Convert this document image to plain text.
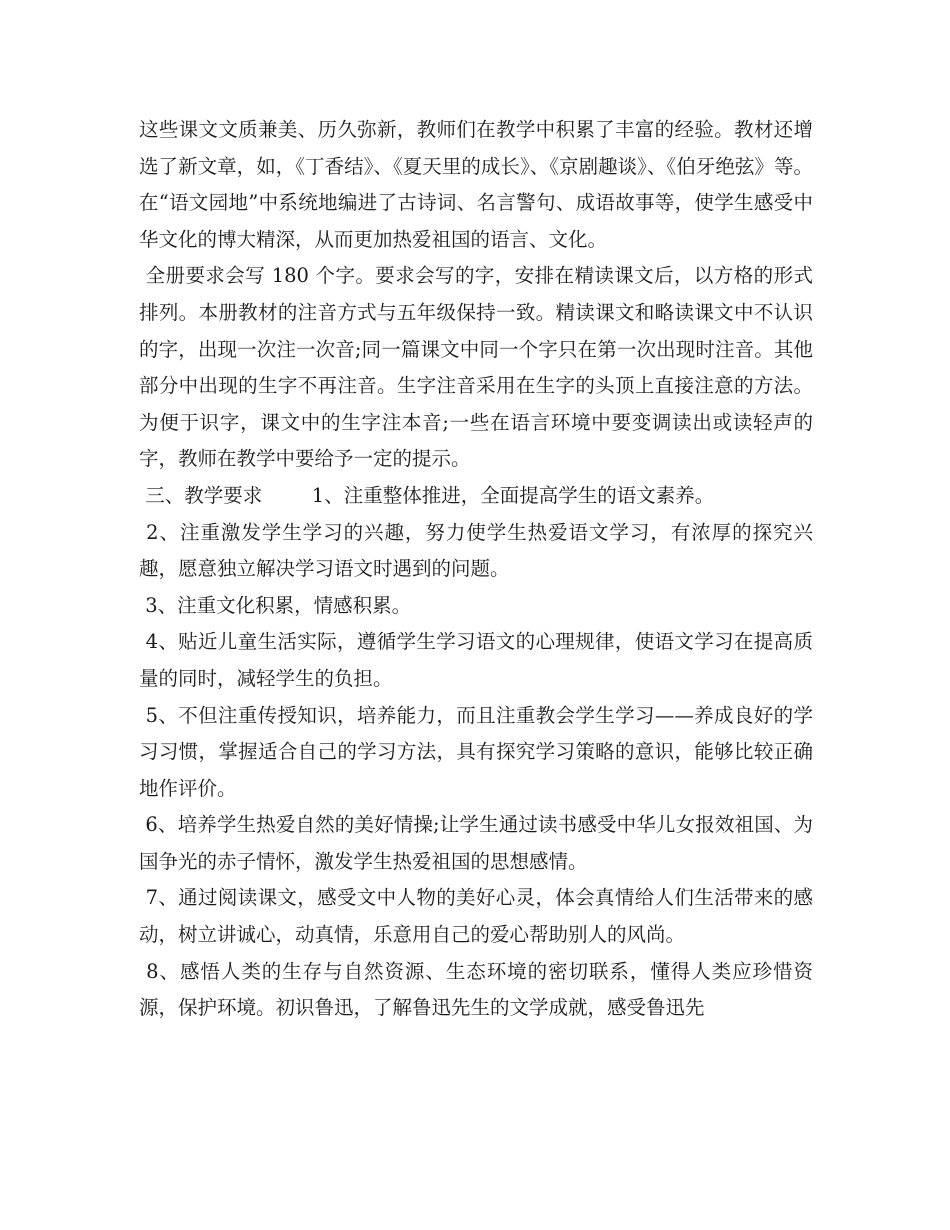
这些课文文质兼美、历久弥新，教师们在教学中积累了丰富的经验。教材还增选了新文章，如，《丁香结》、《夏天里的成长》、《京剧趣谈》、《伯牙绝弦》等。在“语文园地”中系统地编进了古诗词、名言警句、成语故事等，使学生感受中华文化的博大精深，从而更加热爱祖国的语言、文化。

全册要求会写 180 个字。要求会写的字，安排在精读课文后，以方格的形式排列。本册教材的注音方式与五年级保持一致。精读课文和略读课文中不认识的字，出现一次注一次音;同一篇课文中同一个字只在第一次出现时注音。其他部分中出现的生字不再注音。生字注音采用在生字的头顶上直接注意的方法。为便于识字，课文中的生字注本音;一些在语言环境中要变调读出或读轻声的字，教师在教学中要给予一定的提示。

三、教学要求        1、注重整体推进，全面提高学生的语文素养。

2、注重激发学生学习的兴趣，努力使学生热爱语文学习，有浓厚的探究兴趣，愿意独立解决学习语文时遇到的问题。

3、注重文化积累，情感积累。

4、贴近儿童生活实际，遵循学生学习语文的心理规律，使语文学习在提高质量的同时，减轻学生的负担。

5、不但注重传授知识，培养能力，而且注重教会学生学习——养成良好的学习习惯，掌握适合自己的学习方法，具有探究学习策略的意识，能够比较正确地作评价。

6、培养学生热爱自然的美好情操;让学生通过读书感受中华儿女报效祖国、为国争光的赤子情怀，激发学生热爱祖国的思想感情。

7、通过阅读课文，感受文中人物的美好心灵，体会真情给人们生活带来的感动，树立讲诚心，动真情，乐意用自己的爱心帮助别人的风尚。

8、感悟人类的生存与自然资源、生态环境的密切联系，懂得人类应珍惜资源，保护环境。初识鲁迅，了解鲁迅先生的文学成就，感受鲁迅先
